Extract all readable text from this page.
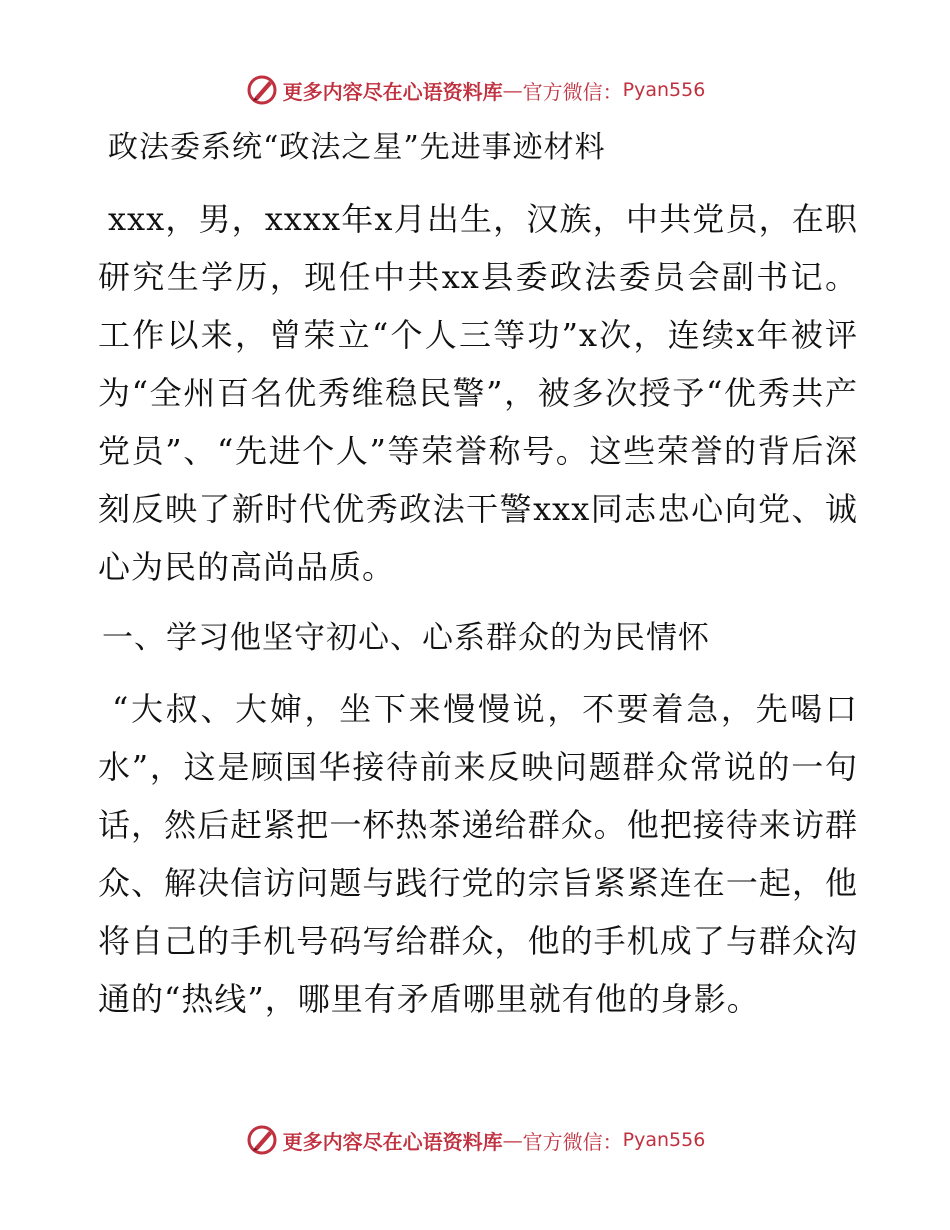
更多内容尽在心语资料库 — 官方微信： Pyan556
政法委系统“政法之星”先进事迹材料

xxx，男，xxxx年x月出生，汉族，中共党员，在职研究生学历，现任中共xx县委政法委员会副书记。工作以来，曾荣立“个人三等功”x次，连续x年被评为“全州百名优秀维稳民警”，被多次授予“优秀共产党员”、“先进个人”等荣誉称号。这些荣誉的背后深刻反映了新时代优秀政法干警xxx同志忠心向党、诚心为民的高尚品质。

一、学习他坚守初心、心系群众的为民情怀

“大叔、大婶，坐下来慢慢说，不要着急，先喝口水”，这是顾国华接待前来反映问题群众常说的一句话，然后赶紧把一杯热茶递给群众。他把接待来访群众、解决信访问题与践行党的宗旨紧紧连在一起，他将自己的手机号码写给群众，他的手机成了与群众沟通的“热线”，哪里有矛盾哪里就有他的身影。

更多内容尽在心语资料库 — 官方微信： Pyan556
